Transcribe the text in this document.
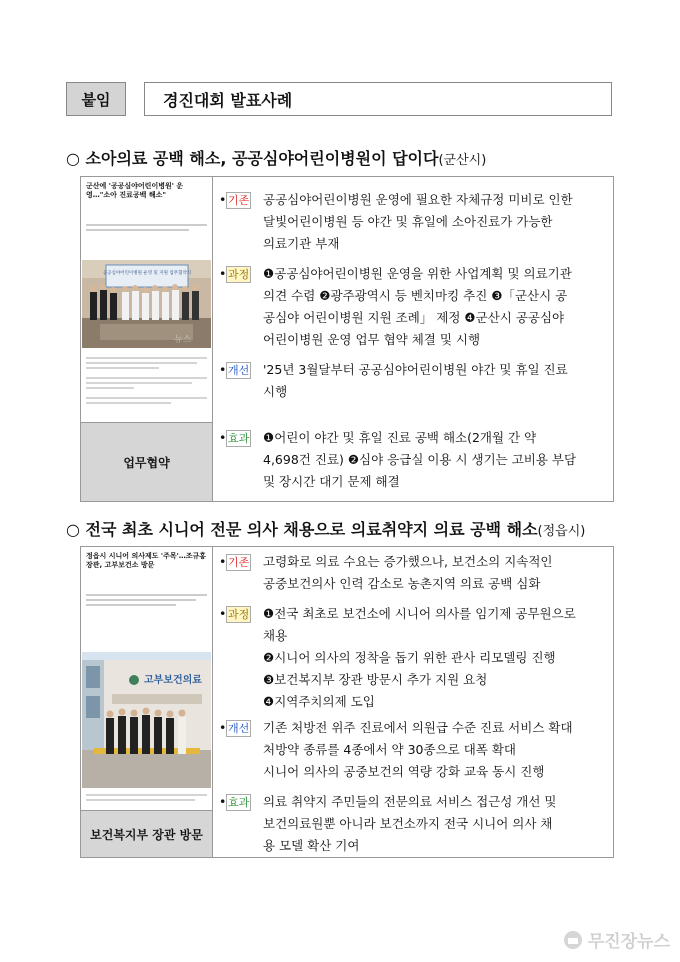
붙임	경진대회 발표사례
○ 소아의료 공백 해소, 공공심야어린이병원이 답이다(군산시)
군산에 '공공심야어린이병원' 운영…"소아 진료공백 해소"

공공심야어린이병원 운영 및 지원 업무협약식
뉴스
업무협약
• 기존 공공심야어린이병원 운영에 필요한 자체규정 미비로 인한
달빛어린이병원 등 야간 및 휴일에 소아진료가 가능한
의료기관 부재
• 과정 ❶공공심야어린이병원 운영을 위한 사업계획 및 의료기관
의견 수렴 ❷광주광역시 등 벤치마킹 추진 ❸「군산시 공
공심야 어린이병원 지원 조례」 제정 ❹군산시 공공심야
어린이병원 운영 업무 협약 체결 및 시행
• 개선 '25년 3월달부터 공공심야어린이병원 야간 및 휴일 진료
시행
• 효과 ❶어린이 야간 및 휴일 진료 공백 해소(2개월 간 약
4,698건 진료) ❷심야 응급실 이용 시 생기는 고비용 부담
및 장시간 대기 문제 해결
○ 전국 최초 시니어 전문 의사 채용으로 의료취약지 의료 공백 해소(정읍시)
정읍시 시니어 의사제도 '주목'…조규홍 장관, 고부보건소 방문

고부보건의료
보건복지부 장관 방문
• 기존 고령화로 의료 수요는 증가했으나, 보건소의 지속적인
공중보건의사 인력 감소로 농촌지역 의료 공백 심화
• 과정 ❶전국 최초로 보건소에 시니어 의사를 임기제 공무원으로
채용
❷시니어 의사의 정착을 돕기 위한 관사 리모델링 진행
❸보건복지부 장관 방문시 추가 지원 요청
❹지역주치의제 도입
• 개선 기존 처방전 위주 진료에서 의원급 수준 진료 서비스 확대
처방약 종류를 4종에서 약 30종으로 대폭 확대
시니어 의사의 공중보건의 역량 강화 교육 동시 진행
• 효과 의료 취약지 주민들의 전문의료 서비스 접근성 개선 및
보건의료원뿐 아니라 보건소까지 전국 시니어 의사 채
용 모델 확산 기여
무진장뉴스
